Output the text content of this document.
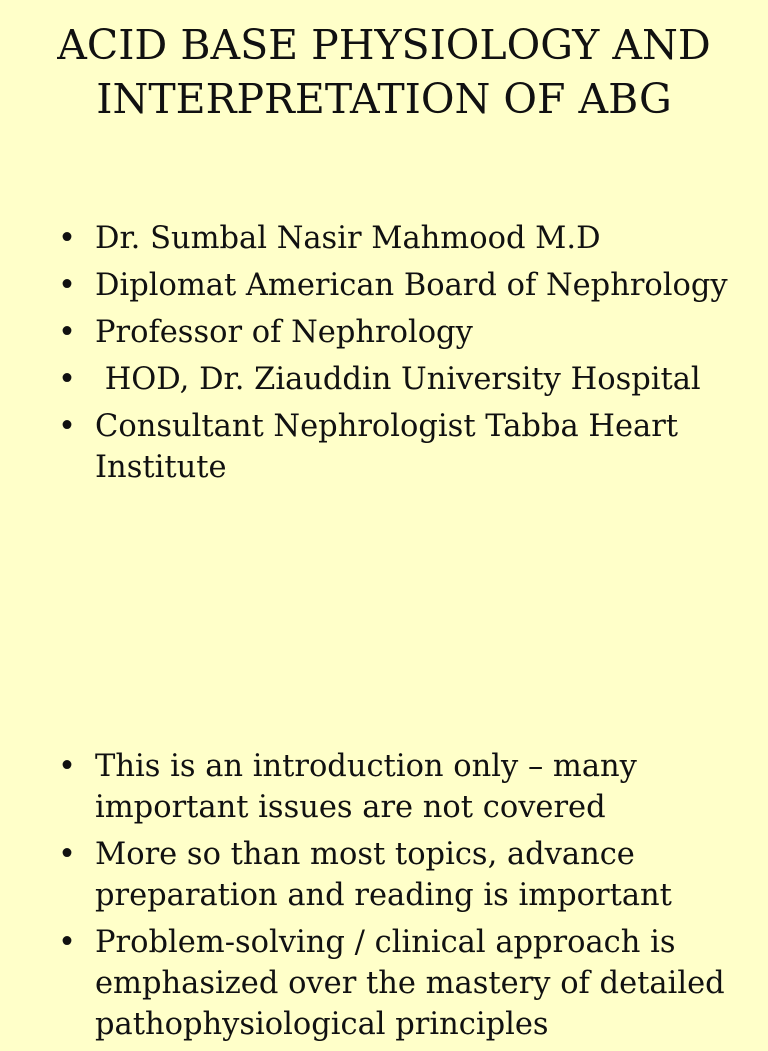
ACID BASE PHYSIOLOGY AND INTERPRETATION OF ABG
• Dr. Sumbal Nasir Mahmood M.D
• Diplomat American Board of Nephrology
• Professor of Nephrology
• HOD, Dr. Ziauddin University Hospital
• Consultant Nephrologist Tabba Heart Institute
• This is an introduction only – many important issues are not covered
• More so than most topics, advance preparation and reading is important
• Problem-solving / clinical approach is emphasized over the mastery of detailed pathophysiological principles
